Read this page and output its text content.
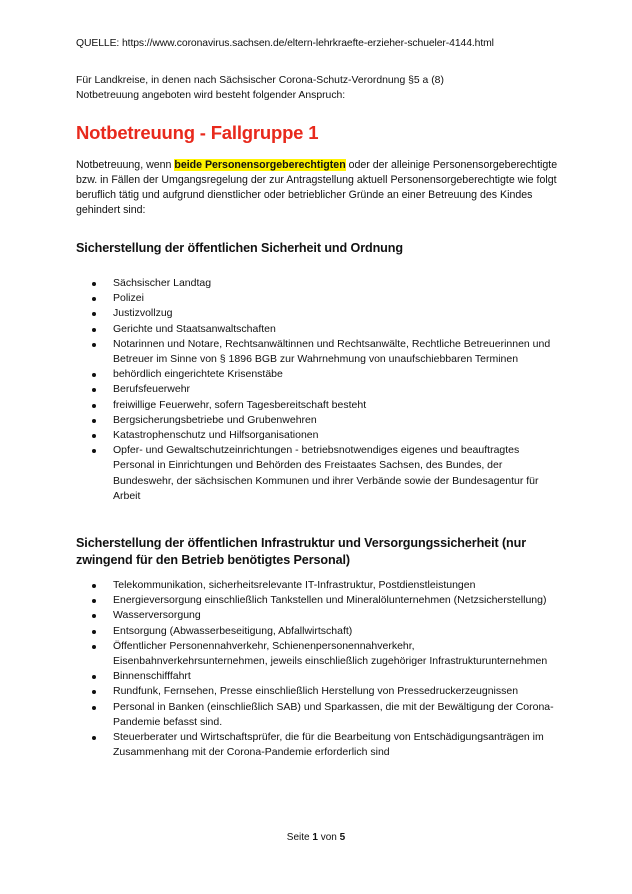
QUELLE: https://www.coronavirus.sachsen.de/eltern-lehrkraefte-erzieher-schueler-4144.html
Für Landkreise, in denen nach Sächsischer Corona-Schutz-Verordnung §5 a (8) Notbetreuung angeboten wird besteht folgender Anspruch:
Notbetreuung - Fallgruppe 1
Notbetreuung, wenn beide Personensorgeberechtigten oder der alleinige Personensorgeberechtigte bzw. in Fällen der Umgangsregelung der zur Antragstellung aktuell Personensorgeberechtigte wie folgt beruflich tätig und aufgrund dienstlicher oder betrieblicher Gründe an einer Betreuung des Kindes gehindert sind:
Sicherstellung der öffentlichen Sicherheit und Ordnung
Sächsischer Landtag
Polizei
Justizvollzug
Gerichte und Staatsanwaltschaften
Notarinnen und Notare, Rechtsanwältinnen und Rechtsanwälte, Rechtliche Betreuerinnen und Betreuer im Sinne von § 1896 BGB zur Wahrnehmung von unaufschiebbaren Terminen
behördlich eingerichtete Krisenstäbe
Berufsfeuerwehr
freiwillige Feuerwehr, sofern Tagesbereitschaft besteht
Bergsicherungsbetriebe und Grubenwehren
Katastrophenschutz und Hilfsorganisationen
Opfer- und Gewaltschutzeinrichtungen - betriebsnotwendiges eigenes und beauftragtes Personal in Einrichtungen und Behörden des Freistaates Sachsen, des Bundes, der Bundeswehr, der sächsischen Kommunen und ihrer Verbände sowie der Bundesagentur für Arbeit
Sicherstellung der öffentlichen Infrastruktur und Versorgungssicherheit (nur zwingend für den Betrieb benötigtes Personal)
Telekommunikation, sicherheitsrelevante IT-Infrastruktur, Postdienstleistungen
Energieversorgung einschließlich Tankstellen und Mineralölunternehmen (Netzsicherstellung)
Wasserversorgung
Entsorgung (Abwasserbeseitigung, Abfallwirtschaft)
Öffentlicher Personennahverkehr, Schienenpersonennahverkehr, Eisenbahnverkehrsunternehmen, jeweils einschließlich zugehöriger Infrastrukturunternehmen
Binnenschifffahrt
Rundfunk, Fernsehen, Presse einschließlich Herstellung von Pressedruckerzeugnissen
Personal in Banken (einschließlich SAB) und Sparkassen, die mit der Bewältigung der Corona-Pandemie befasst sind.
Steuerberater und Wirtschaftsprüfer, die für die Bearbeitung von Entschädigungsanträgen im Zusammenhang mit der Corona-Pandemie erforderlich sind
Seite 1 von 5
